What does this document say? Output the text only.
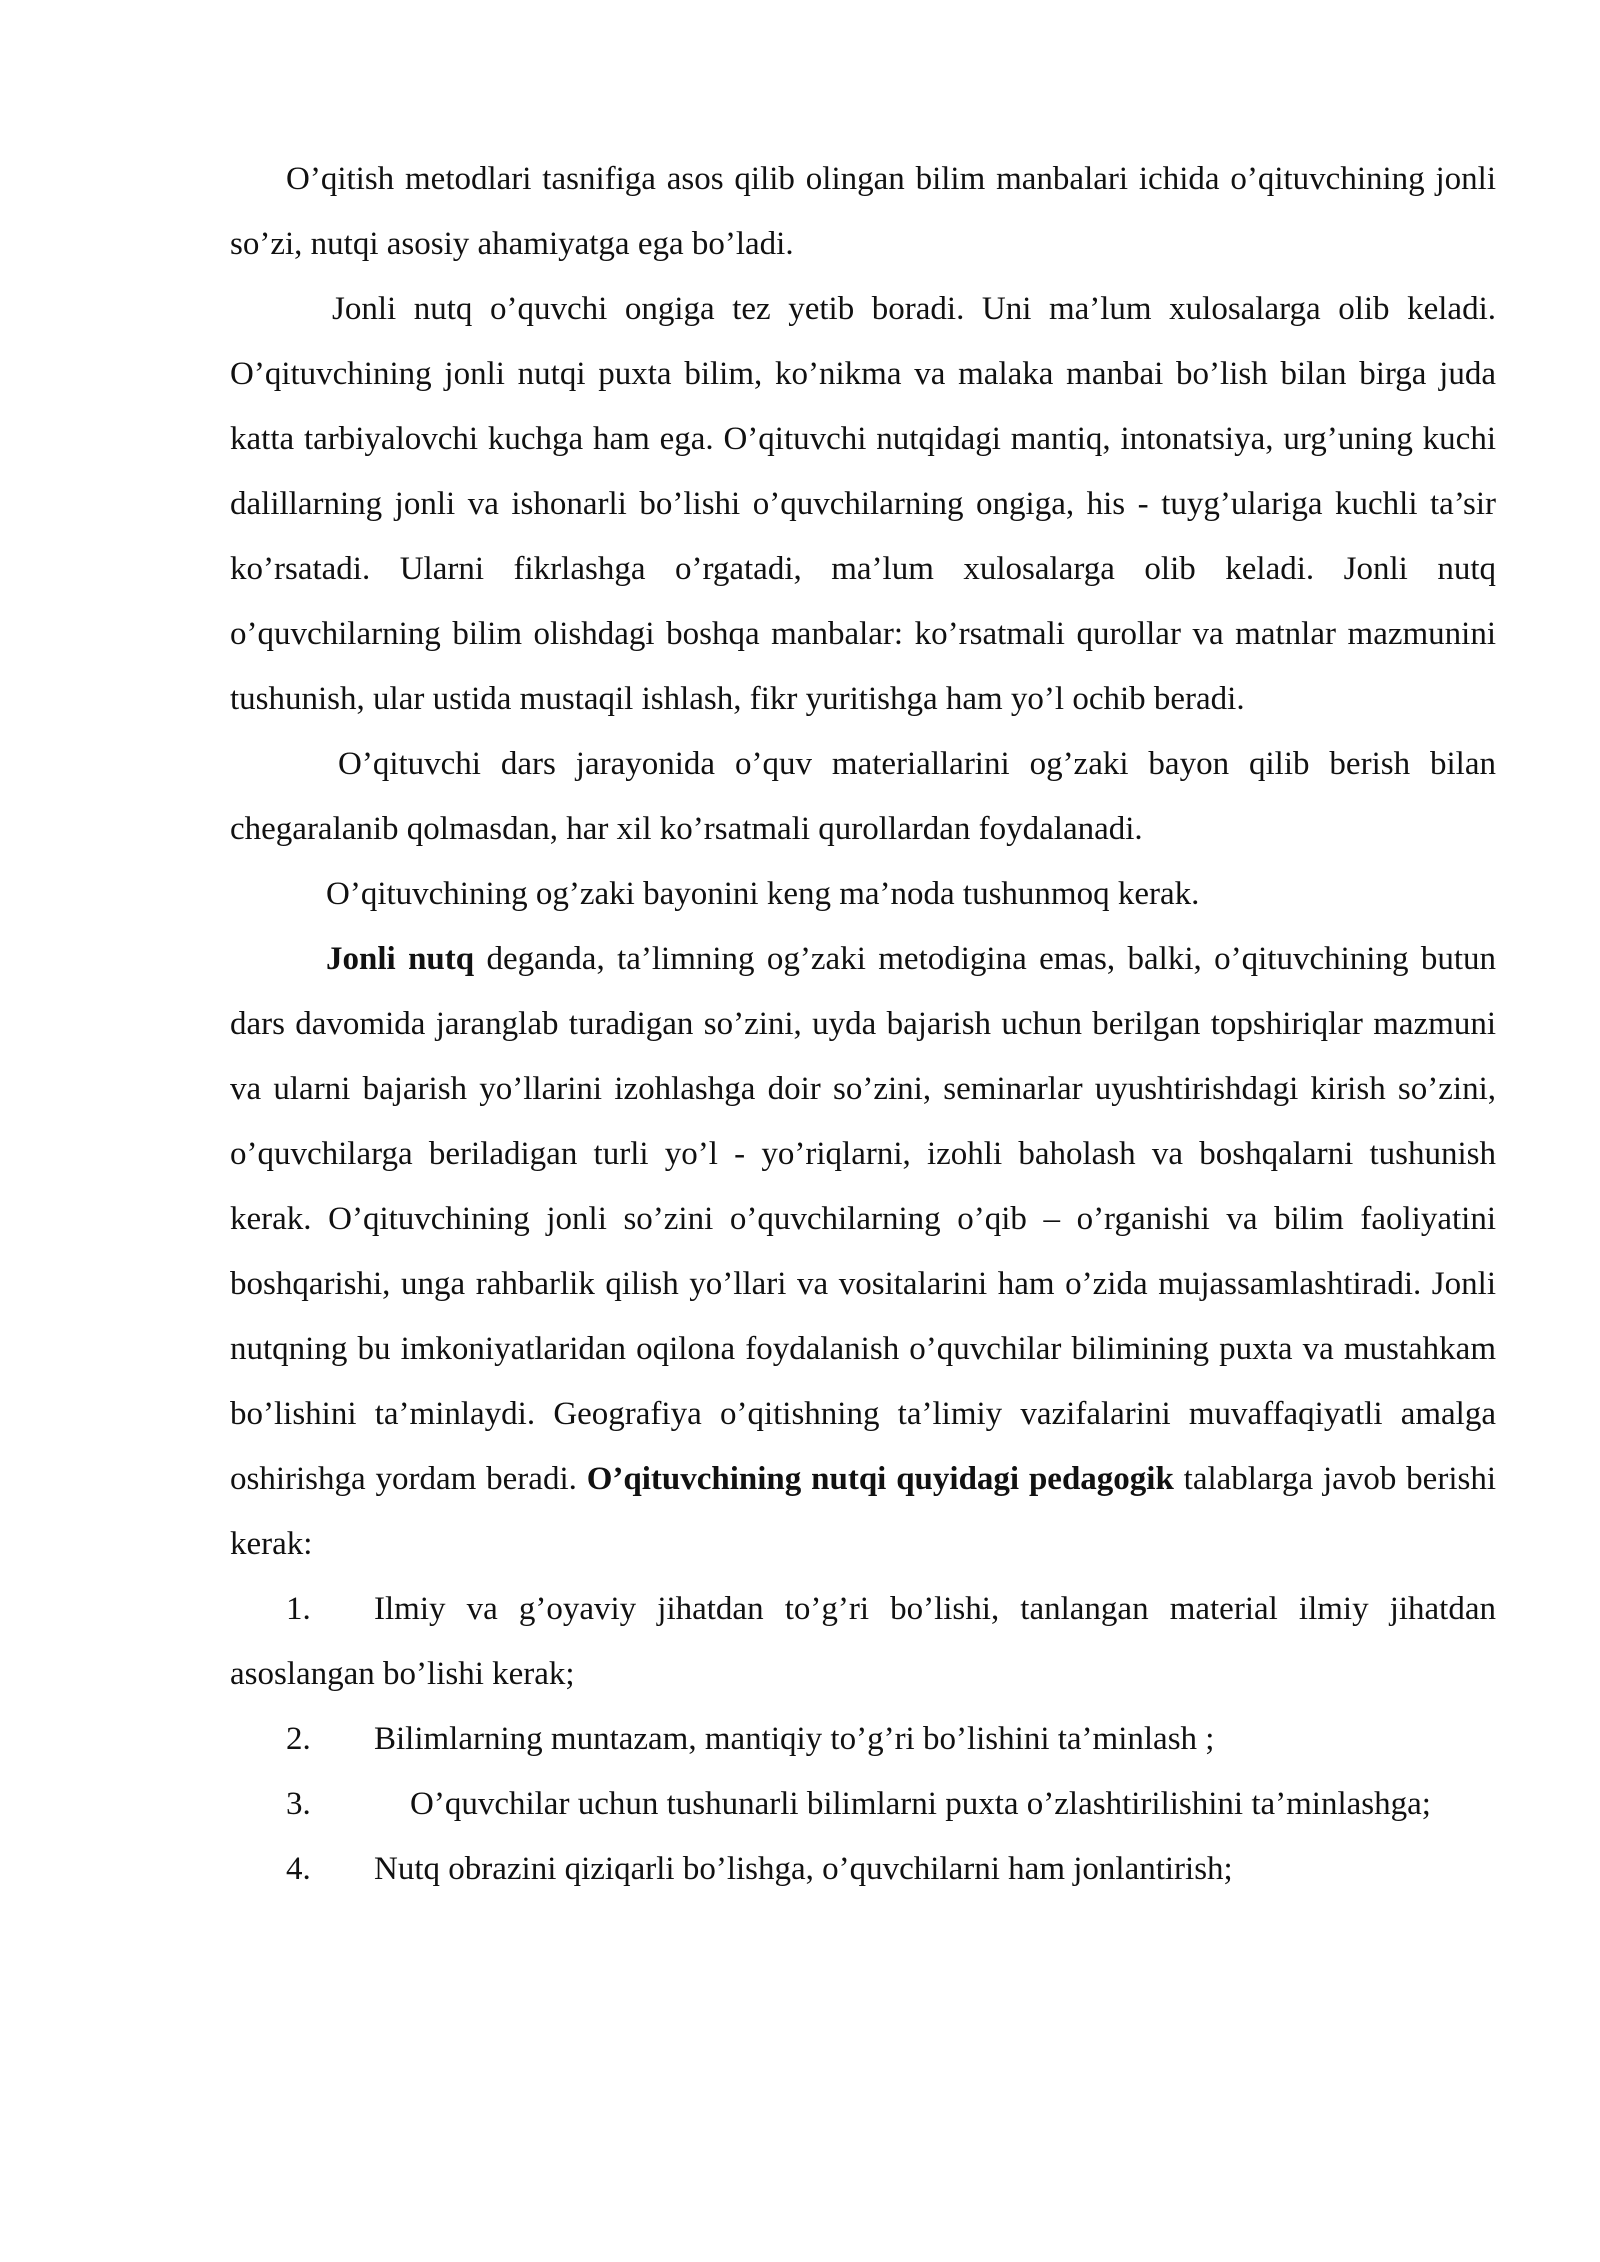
O’qitish metodlari tasnifiga asos qilib olingan bilim manbalari ichida o’qituvchining jonli so’zi, nutqi asosiy ahamiyatga ega bo’ladi.

Jonli nutq o’quvchi ongiga tez yetib boradi. Uni ma’lum xulosalarga olib keladi. O’qituvchining jonli nutqi puxta bilim, ko’nikma va malaka manbai bo’lish bilan birga juda katta tarbiyalovchi kuchga ham ega. O’qituvchi nutqidagi mantiq, intonatsiya, urg’uning kuchi dalillarning jonli va ishonarli bo’lishi o’quvchilarning ongiga, his - tuyg’ulariga kuchli ta’sir ko’rsatadi. Ularni fikrlashga o’rgatadi, ma’lum xulosalarga olib keladi. Jonli nutq o’quvchilarning bilim olishdagi boshqa manbalar: ko’rsatmali qurollar va matnlar mazmunini tushunish, ular ustida mustaqil ishlash, fikr yuritishga ham yo’l ochib beradi.

O’qituvchi dars jarayonida o’quv materiallarini og’zaki bayon qilib berish bilan chegaralanib qolmasdan, har xil ko’rsatmali qurollardan foydalanadi.

O’qituvchining og’zaki bayonini keng ma’noda tushunmoq kerak.

Jonli nutq deganda, ta’limning og’zaki metodigina emas, balki, o’qituvchining butun dars davomida jaranglab turadigan so’zini, uyda bajarish uchun berilgan topshiriqlar mazmuni va ularni bajarish yo’llarini izohlashga doir so’zini, seminarlar uyushtirishdagi kirish so’zini, o’quvchilarga beriladigan turli yo’l - yo’riqlarni, izohli baholash va boshqalarni tushunish kerak. O’qituvchining jonli so’zini o’quvchilarning o’qib – o’rganishi va bilim faoliyatini boshqarishi, unga rahbarlik qilish yo’llari va vositalarini ham o’zida mujassamlashtiradi. Jonli nutqning bu imkoniyatlaridan oqilona foydalanish o’quvchilar bilimining puxta va mustahkam bo’lishini ta’minlaydi. Geografiya o’qitishning ta’limiy vazifalarini muvaffaqiyatli amalga oshirishga yordam beradi. O’qituvchining nutqi quyidagi pedagogik talablarga javob berishi kerak:

1. Ilmiy va g’oyaviy jihatdan to’g’ri bo’lishi, tanlangan material ilmiy jihatdan asoslangan bo’lishi kerak;

2. Bilimlarning muntazam, mantiqiy to’g’ri bo’lishini ta’minlash ;

3.	O’quvchilar uchun tushunarli bilimlarni puxta o’zlashtirilishini ta’minlashga;

4. Nutq obrazini qiziqarli bo’lishga, o’quvchilarni ham jonlantirish;
